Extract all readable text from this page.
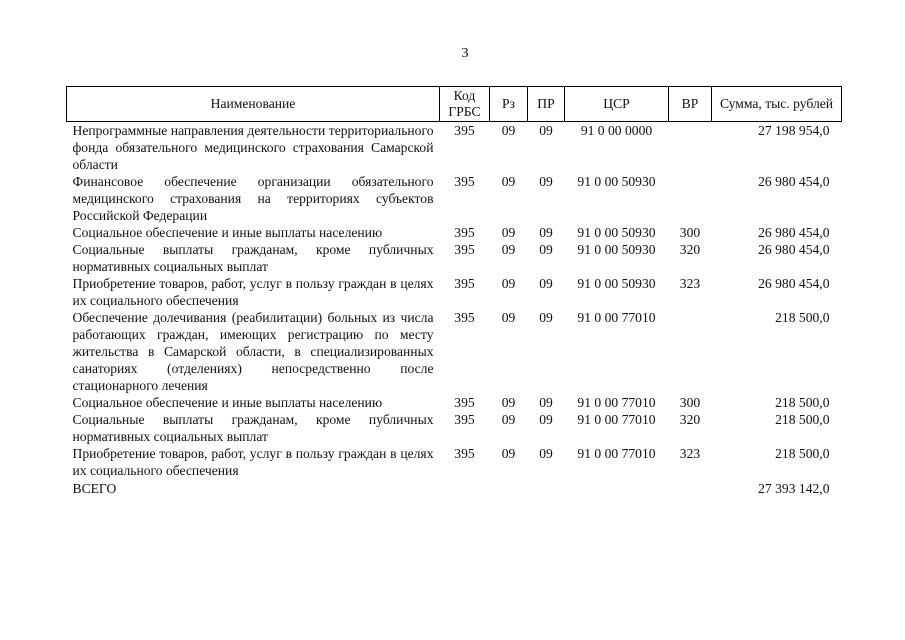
3
Наименование	Код ГРБС	Рз	ПР	ЦСР	ВР	Сумма, тыс. рублей
Непрограммные направления деятельности территориального фонда обязательного медицинского страхования Самарской области	395	09	09	91 0 00 0000		27 198 954,0
Финансовое обеспечение организации обязательного медицинского страхования на территориях субъектов Российской Федерации	395	09	09	91 0 00 50930		26 980 454,0
Социальное обеспечение и иные выплаты населению	395	09	09	91 0 00 50930	300	26 980 454,0
Социальные выплаты гражданам, кроме публичных нормативных социальных выплат	395	09	09	91 0 00 50930	320	26 980 454,0
Приобретение товаров, работ, услуг в пользу граждан в целях их социального обеспечения	395	09	09	91 0 00 50930	323	26 980 454,0
Обеспечение долечивания (реабилитации) больных из числа работающих граждан, имеющих регистрацию по месту жительства в Самарской области, в специализированных санаториях (отделениях) непосредственно после стационарного лечения	395	09	09	91 0 00 77010		218 500,0
Социальное обеспечение и иные выплаты населению	395	09	09	91 0 00 77010	300	218 500,0
Социальные выплаты гражданам, кроме публичных нормативных социальных выплат	395	09	09	91 0 00 77010	320	218 500,0
Приобретение товаров, работ, услуг в пользу граждан в целях их социального обеспечения	395	09	09	91 0 00 77010	323	218 500,0
ВСЕГО						27 393 142,0
